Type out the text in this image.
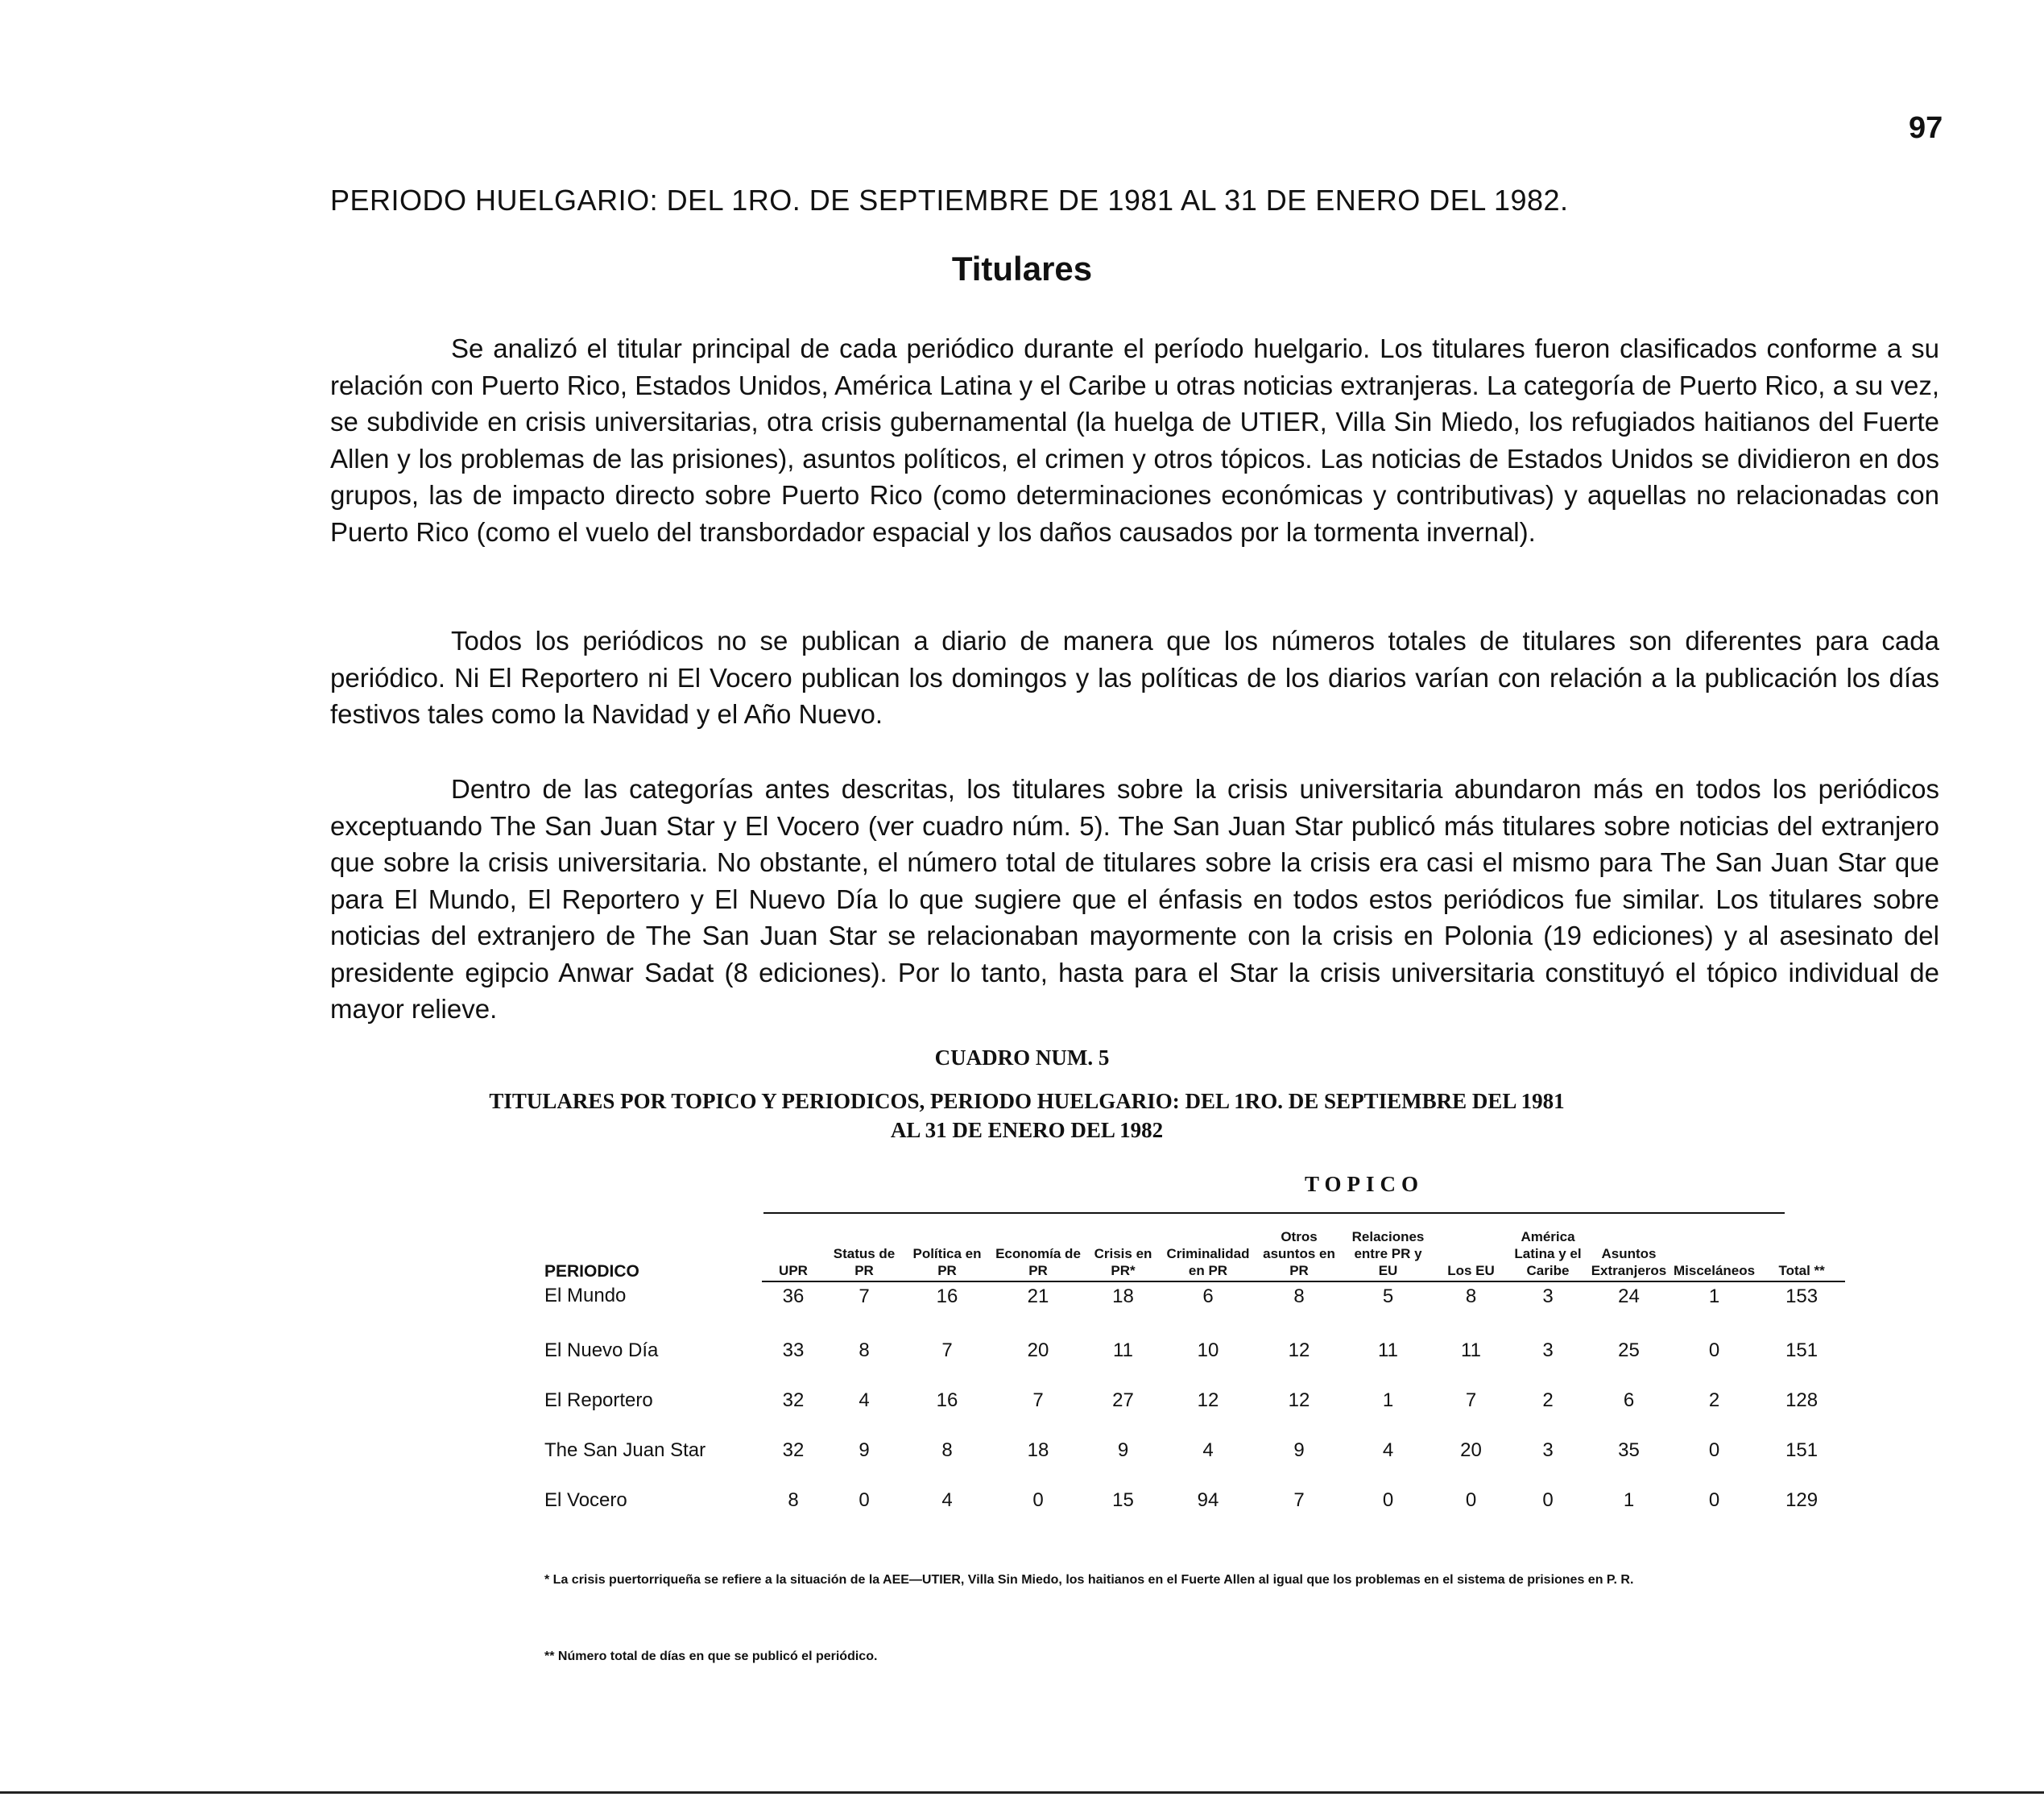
97
PERIODO HUELGARIO: DEL 1RO. DE SEPTIEMBRE DE 1981 AL 31 DE ENERO DEL 1982.
Titulares
Se analizó el titular principal de cada periódico durante el período huelgario. Los titulares fueron clasificados conforme a su relación con Puerto Rico, Estados Unidos, América Latina y el Caribe u otras noticias extranjeras. La categoría de Puerto Rico, a su vez, se subdivide en crisis universitarias, otra crisis gubernamental (la huelga de UTIER, Villa Sin Miedo, los refugiados haitianos del Fuerte Allen y los problemas de las prisiones), asuntos políticos, el crimen y otros tópicos. Las noticias de Estados Unidos se dividieron en dos grupos, las de impacto directo sobre Puerto Rico (como determinaciones económicas y contributivas) y aquellas no relacionadas con Puerto Rico (como el vuelo del transbordador espacial y los daños causados por la tormenta invernal).
Todos los periódicos no se publican a diario de manera que los números totales de titulares son diferentes para cada periódico. Ni El Reportero ni El Vocero publican los domingos y las políticas de los diarios varían con relación a la publicación los días festivos tales como la Navidad y el Año Nuevo.
Dentro de las categorías antes descritas, los titulares sobre la crisis universitaria abundaron más en todos los periódicos exceptuando The San Juan Star y El Vocero (ver cuadro núm. 5). The San Juan Star publicó más titulares sobre noticias del extranjero que sobre la crisis universitaria. No obstante, el número total de titulares sobre la crisis era casi el mismo para The San Juan Star que para El Mundo, El Reportero y El Nuevo Día lo que sugiere que el énfasis en todos estos periódicos fue similar. Los titulares sobre noticias del extranjero de The San Juan Star se relacionaban mayormente con la crisis en Polonia (19 ediciones) y al asesinato del presidente egipcio Anwar Sadat (8 ediciones). Por lo tanto, hasta para el Star la crisis universitaria constituyó el tópico individual de mayor relieve.
CUADRO NUM. 5
TITULARES POR TOPICO Y PERIODICOS, PERIODO HUELGARIO: DEL 1RO. DE SEPTIEMBRE DEL 1981 AL 31 DE ENERO DEL 1982
TOPICO
PERIODICO	UPR	Status de PR	Política en PR	Economía de PR	Crisis en PR*	Criminalidad en PR	Otros asuntos en PR	Relaciones entre PR y EU	Los EU	América Latina y el Caribe	Asuntos Extranjeros	Misceláneos	Total **
El Mundo	36	7	16	21	18	6	8	5	8	3	24	1	153
El Nuevo Día	33	8	7	20	11	10	12	11	11	3	25	0	151
El Reportero	32	4	16	7	27	12	12	1	7	2	6	2	128
The San Juan Star	32	9	8	18	9	4	9	4	20	3	35	0	151
El Vocero	8	0	4	0	15	94	7	0	0	0	1	0	129
* La crisis puertorriqueña se refiere a la situación de la AEE—UTIER, Villa Sin Miedo, los haitianos en el Fuerte Allen al igual que los problemas en el sistema de prisiones en P. R.
** Número total de días en que se publicó el periódico.
